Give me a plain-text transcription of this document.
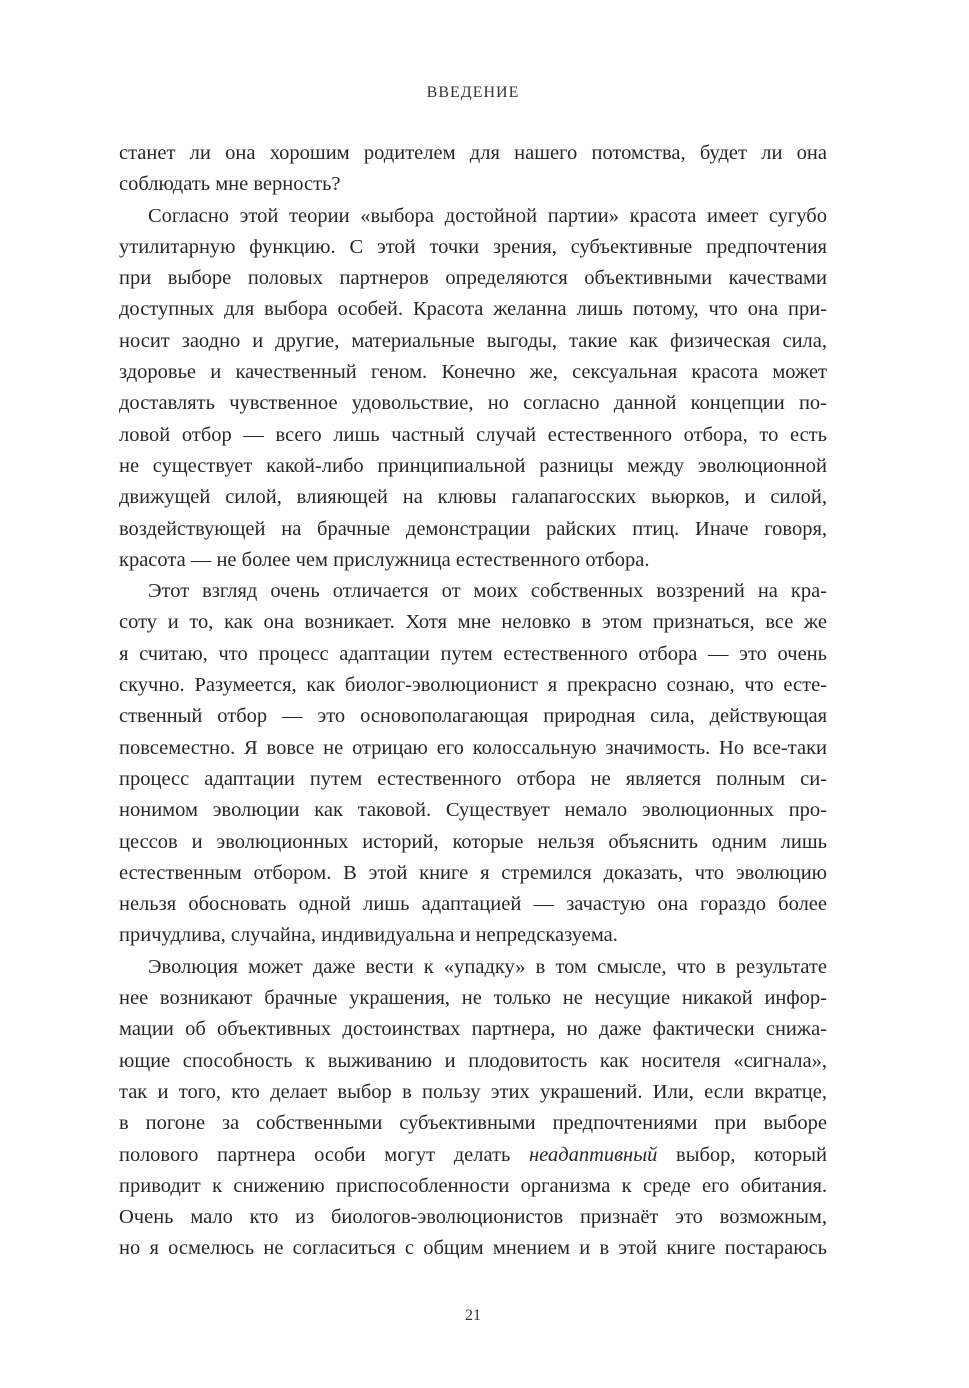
ВВЕДЕНИЕ
станет ли она хорошим родителем для нашего потомства, будет ли она
соблюдать мне верность?
Согласно этой теории «выбора достойной партии» красота имеет сугубо
утилитарную функцию. С этой точки зрения, субъективные предпочтения
при выборе половых партнеров определяются объективными качествами
доступных для выбора особей. Красота желанна лишь потому, что она при-
носит заодно и другие, материальные выгоды, такие как физическая сила,
здоровье и качественный геном. Конечно же, сексуальная красота может
доставлять чувственное удовольствие, но согласно данной концепции по-
ловой отбор — всего лишь частный случай естественного отбора, то есть
не существует какой-либо принципиальной разницы между эволюционной
движущей силой, влияющей на клювы галапагосских вьюрков, и силой,
воздействующей на брачные демонстрации райских птиц. Иначе говоря,
красота — не более чем прислужница естественного отбора.
Этот взгляд очень отличается от моих собственных воззрений на кра-
соту и то, как она возникает. Хотя мне неловко в этом признаться, все же
я считаю, что процесс адаптации путем естественного отбора — это очень
скучно. Разумеется, как биолог-эволюционист я прекрасно сознаю, что есте-
ственный отбор — это основополагающая природная сила, действующая
повсеместно. Я вовсе не отрицаю его колоссальную значимость. Но все-таки
процесс адаптации путем естественного отбора не является полным си-
нонимом эволюции как таковой. Существует немало эволюционных про-
цессов и эволюционных историй, которые нельзя объяснить одним лишь
естественным отбором. В этой книге я стремился доказать, что эволюцию
нельзя обосновать одной лишь адаптацией — зачастую она гораздо более
причудлива, случайна, индивидуальна и непредсказуема.
Эволюция может даже вести к «упадку» в том смысле, что в результате
нее возникают брачные украшения, не только не несущие никакой инфор-
мации об объективных достоинствах партнера, но даже фактически снижа-
ющие способность к выживанию и плодовитость как носителя «сигнала»,
так и того, кто делает выбор в пользу этих украшений. Или, если вкратце,
в погоне за собственными субъективными предпочтениями при выборе
полового партнера особи могут делать неадаптивный выбор, который
приводит к снижению приспособленности организма к среде его обитания.
Очень мало кто из биологов-эволюционистов признаёт это возможным,
но я осмелюсь не согласиться с общим мнением и в этой книге постараюсь
21
